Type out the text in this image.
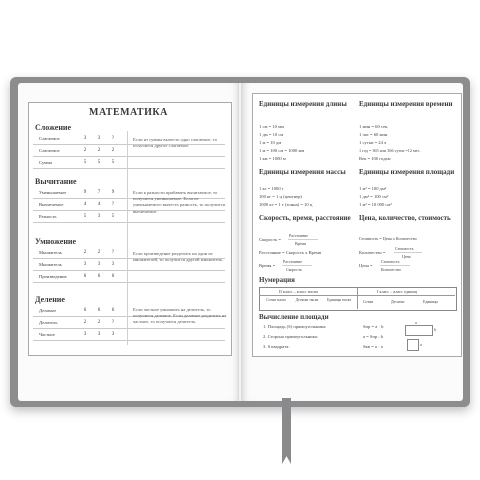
МАТЕМАТИКА
Сложение
Слагаемое	3	3	?
Слагаемое	2	2	2
Сумма	5	5	5
Если из суммы вычесть одно слагаемое, то получится другое слагаемое.
Вычитание
Уменьшаемое	9	7	9
Вычитаемое	4	4	?
Разность	5	3	5
Если к разности прибавить вычитаемое, то получится уменьшаемое. Если из уменьшаемого вычесть разность, то получится вычитаемое.
Умножение
Множитель	2	2	?
Множитель	3	3	3
Произведение	6	6	6
Если произведение разделить на один из множителей, то получится другой множитель.
Деление
Делимое	6	6	6
Делитель	2	2	?
Частное	3	3	3
Если частное умножить на делитель, то получится делимое. Если делимое разделить на частное, то получится делитель.
Единицы измерения длины
1 см = 10 мм
1 дм = 10 см
1 м = 10 дм
1 м = 100 см = 1000 мм
1 км = 1000 м
Единицы измерения времени
1 мин = 60 сек.
1 час = 60 мин
1 сутки = 24 ч
1 год = 365 или 366 суток =12 мес.
Век = 100 годам
Единицы измерения массы
1 кг = 1000 г
100 кг = 1 ц (центнер)
1000 кг = 1 т (тонна) = 10 ц
Единицы измерения площади
1 м² = 100 дм²
1 дм² = 100 см²
1 м² = 10 000 см²
Скорость, время, расстояние
Скорость =
Расстояние
Время
Расстояние = Скорость х Время
Время =
Расстояние
Скорость
Цена, количество, стоимость
Стоимость = Цена х Количество
Количество =
Стоимость
Цена
Цена =
Стоимость
Количество
Нумерация
II класс – класс тысяч	I класс – класс единиц
Сотни тысяч	Десятки тысяч	Единицы тысяч	Сотни	Десятки	Единицы
Вычисление площади
1. Площадь (S) прямоугольника:	Sпр = a · b
2. Сторона прямоугольника:	a = Sпр : b
3. S квадрата:	Sкв = a · a
a
b
a
